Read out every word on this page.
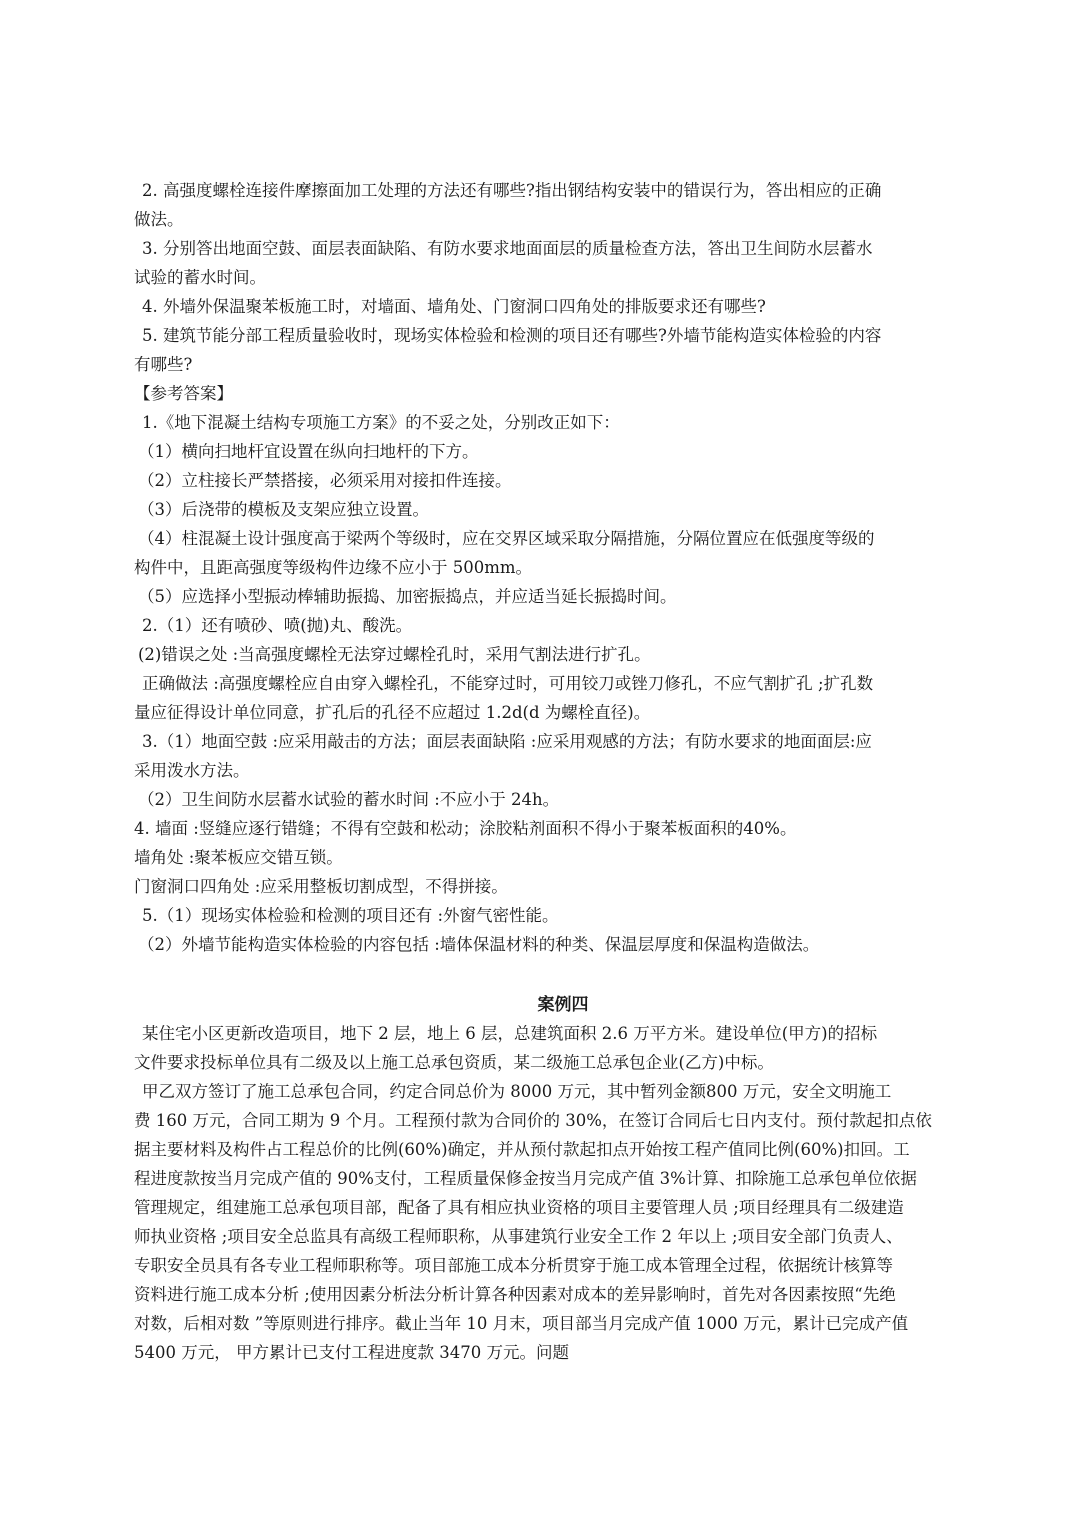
2. 高强度螺栓连接件摩擦面加工处理的方法还有哪些?指出钢结构安装中的错误行为，答出相应的正确
做法。
3. 分别答出地面空鼓、面层表面缺陷、有防水要求地面面层的质量检查方法，答出卫生间防水层蓄水
试验的蓄水时间。
4. 外墙外保温聚苯板施工时，对墙面、墙角处、门窗洞口四角处的排版要求还有哪些?
5. 建筑节能分部工程质量验收时，现场实体检验和检测的项目还有哪些?外墙节能构造实体检验的内容
有哪些?
【参考答案】
1.《地下混凝土结构专项施工方案》的不妥之处，分别改正如下：
（1）横向扫地杆宜设置在纵向扫地杆的下方。
（2）立柱接长严禁搭接，必须采用对接扣件连接。
（3）后浇带的模板及支架应独立设置。
（4）柱混凝土设计强度高于梁两个等级时，应在交界区域采取分隔措施，分隔位置应在低强度等级的
构件中，且距高强度等级构件边缘不应小于 500mm。
（5）应选择小型振动棒辅助振捣、加密振捣点，并应适当延长振捣时间。
2.（1）还有喷砂、喷(抛)丸、酸洗。
(2)错误之处 :当高强度螺栓无法穿过螺栓孔时，采用气割法进行扩孔。
正确做法 :高强度螺栓应自由穿入螺栓孔，不能穿过时，可用铰刀或锉刀修孔，不应气割扩孔 ;扩孔数
量应征得设计单位同意，扩孔后的孔径不应超过 1.2d(d 为螺栓直径)。
3.（1）地面空鼓 :应采用敲击的方法；面层表面缺陷 :应采用观感的方法；有防水要求的地面面层:应
采用泼水方法。
（2）卫生间防水层蓄水试验的蓄水时间 :不应小于 24h。
4. 墙面 :竖缝应逐行错缝；不得有空鼓和松动；涂胶粘剂面积不得小于聚苯板面积的40%。
墙角处 :聚苯板应交错互锁。
门窗洞口四角处 :应采用整板切割成型，不得拼接。
5.（1）现场实体检验和检测的项目还有 :外窗气密性能。
（2）外墙节能构造实体检验的内容包括 :墙体保温材料的种类、保温层厚度和保温构造做法。
案例四
某住宅小区更新改造项目，地下 2 层，地上 6 层，总建筑面积 2.6 万平方米。建设单位(甲方)的招标
文件要求投标单位具有二级及以上施工总承包资质，某二级施工总承包企业(乙方)中标。
甲乙双方签订了施工总承包合同，约定合同总价为 8000 万元，其中暂列金额800 万元，安全文明施工
费 160 万元，合同工期为 9 个月。工程预付款为合同价的 30%，在签订合同后七日内支付。预付款起扣点依
据主要材料及构件占工程总价的比例(60%)确定，并从预付款起扣点开始按工程产值同比例(60%)扣回。工
程进度款按当月完成产值的 90%支付，工程质量保修金按当月完成产值 3%计算、扣除施工总承包单位依据
管理规定，组建施工总承包项目部，配备了具有相应执业资格的项目主要管理人员 ;项目经理具有二级建造
师执业资格 ;项目安全总监具有高级工程师职称，从事建筑行业安全工作 2 年以上 ;项目安全部门负责人、
专职安全员具有各专业工程师职称等。项目部施工成本分析贯穿于施工成本管理全过程，依据统计核算等
资料进行施工成本分析 ;使用因素分析法分析计算各种因素对成本的差异影响时，首先对各因素按照“先绝
对数，后相对数 ”等原则进行排序。截止当年 10 月末，项目部当月完成产值 1000 万元，累计已完成产值
5400 万元， 甲方累计已支付工程进度款 3470 万元。问题
